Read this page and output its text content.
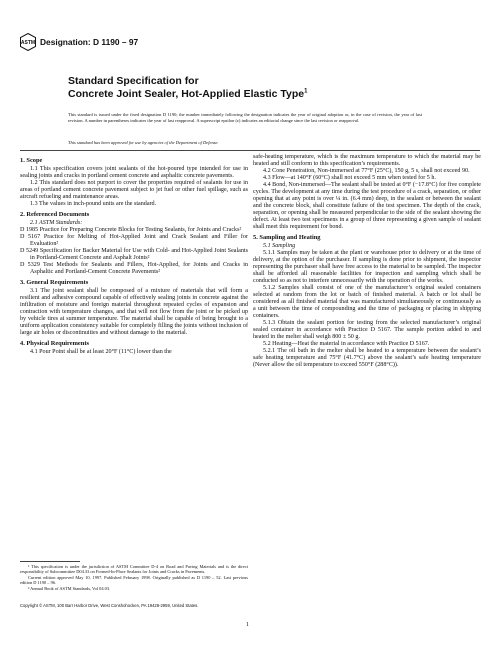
ASTM Designation: D 1190 – 97
Standard Specification for
Concrete Joint Sealer, Hot-Applied Elastic Type$^1$
This standard is issued under the fixed designation D 1190; the number immediately following the designation indicates the year of original adoption or, in the case of revision, the year of last revision. A number in parentheses indicates the year of last reapproval. A superscript epsilon (ε) indicates an editorial change since the last revision or reapproval.
This standard has been approved for use by agencies of the Department of Defense.
1. Scope

1.1 This specification covers joint sealants of the hot-poured type intended for use in sealing joints and cracks in portland cement concrete and asphaltic concrete pavements.

1.2 This standard does not purport to cover the properties required of sealants for use in areas of portland cement concrete pavement subject to jet fuel or other fuel spillage, such as aircraft refueling and maintenance areas.

1.3 The values in inch-pound units are the standard.

2. Referenced Documents

2.1 ASTM Standards:

D 1985 Practice for Preparing Concrete Blocks for Testing Sealants, for Joints and Cracks²

D 5167 Practice for Melting of Hot-Applied Joint and Crack Sealant and Filler for Evaluation²

D 5249 Specification for Backer Material for Use with Cold- and Hot-Applied Joint Sealants in Portland-Cement Concrete and Asphalt Joints²

D 5329 Test Methods for Sealants and Fillers, Hot-Applied, for Joints and Cracks in Asphaltic and Portland-Cement Concrete Pavements²

3. General Requirements

3.1 The joint sealant shall be composed of a mixture of materials that will form a resilient and adhesive compound capable of effectively sealing joints in concrete against the infiltration of moisture and foreign material throughout repeated cycles of expansion and contraction with temperature changes, and that will not flow from the joint or be picked up by vehicle tires at summer temperature. The material shall be capable of being brought to a uniform application consistency suitable for completely filling the joints without inclusion of large air holes or discontinuities and without damage to the material.

4. Physical Requirements

4.1 Pour Point shall be at least 20°F (11°C) lower than the

safe-heating temperature, which is the maximum temperature to which the material may be heated and still conform to this specification’s requirements.

4.2 Cone Penetration, Non-immersed at 77°F (25°C), 150 g, 5 s, shall not exceed 90.

4.3 Flow—at 140°F (60°C) shall not exceed 5 mm when tested for 5 h.

4.4 Bond, Non-immersed—The sealant shall be tested at 0°F (−17.8°C) for five complete cycles. The development at any time during the test procedure of a crack, separation, or other opening that at any point is over ¼ in. (6.4 mm) deep, in the sealant or between the sealant and the concrete block, shall constitute failure of the test specimen. The depth of the crack, separation, or opening shall be measured perpendicular to the side of the sealant showing the defect. At least two test specimens in a group of three representing a given sample of sealant shall meet this requirement for bond.

5. Sampling and Heating

5.1 Sampling

5.1.1 Samples may be taken at the plant or warehouse prior to delivery or at the time of delivery, at the option of the purchaser. If sampling is done prior to shipment, the inspector representing the purchaser shall have free access to the material to be sampled. The inspector shall be afforded all reasonable facilities for inspection and sampling which shall be conducted so as not to interfere unnecessarily with the operation of the works.

5.1.2 Samples shall consist of one of the manufacturer’s original sealed containers selected at random from the lot or batch of finished material. A batch or lot shall be considered as all finished material that was manufactured simultaneously or continuously as a unit between the time of compounding and the time of packaging or placing in shipping containers.

5.1.3 Obtain the sealant portion for testing from the selected manufacturer’s original sealed container in accordance with Practice D 5167. The sample portion added to and heated in the melter shall weigh 800 ± 50 g.

5.2 Heating—Heat the material in accordance with Practice D 5167.

5.2.1 The oil bath in the melter shall be heated to a temperature between the sealant’s safe heating temperature and 75°F (41.7°C) above the sealant’s safe heating temperature (Never allow the oil temperature to exceed 550°F (288°C)).

¹ This specification is under the jurisdiction of ASTM Committee D-4 on Road and Paving Materials and is the direct responsibility of Subcommittee D04.33 on Formed-In-Place Sealants for Joints and Cracks in Pavements.

Current edition approved May 10, 1997. Published February 1998. Originally published as D 1190 – 52. Last previous edition D 1190 – 96.

² Annual Book of ASTM Standards, Vol 04.03.

Copyright © ASTM, 100 Barr Harbor Drive, West Conshohocken, PA 19428-2959, United States.
1
